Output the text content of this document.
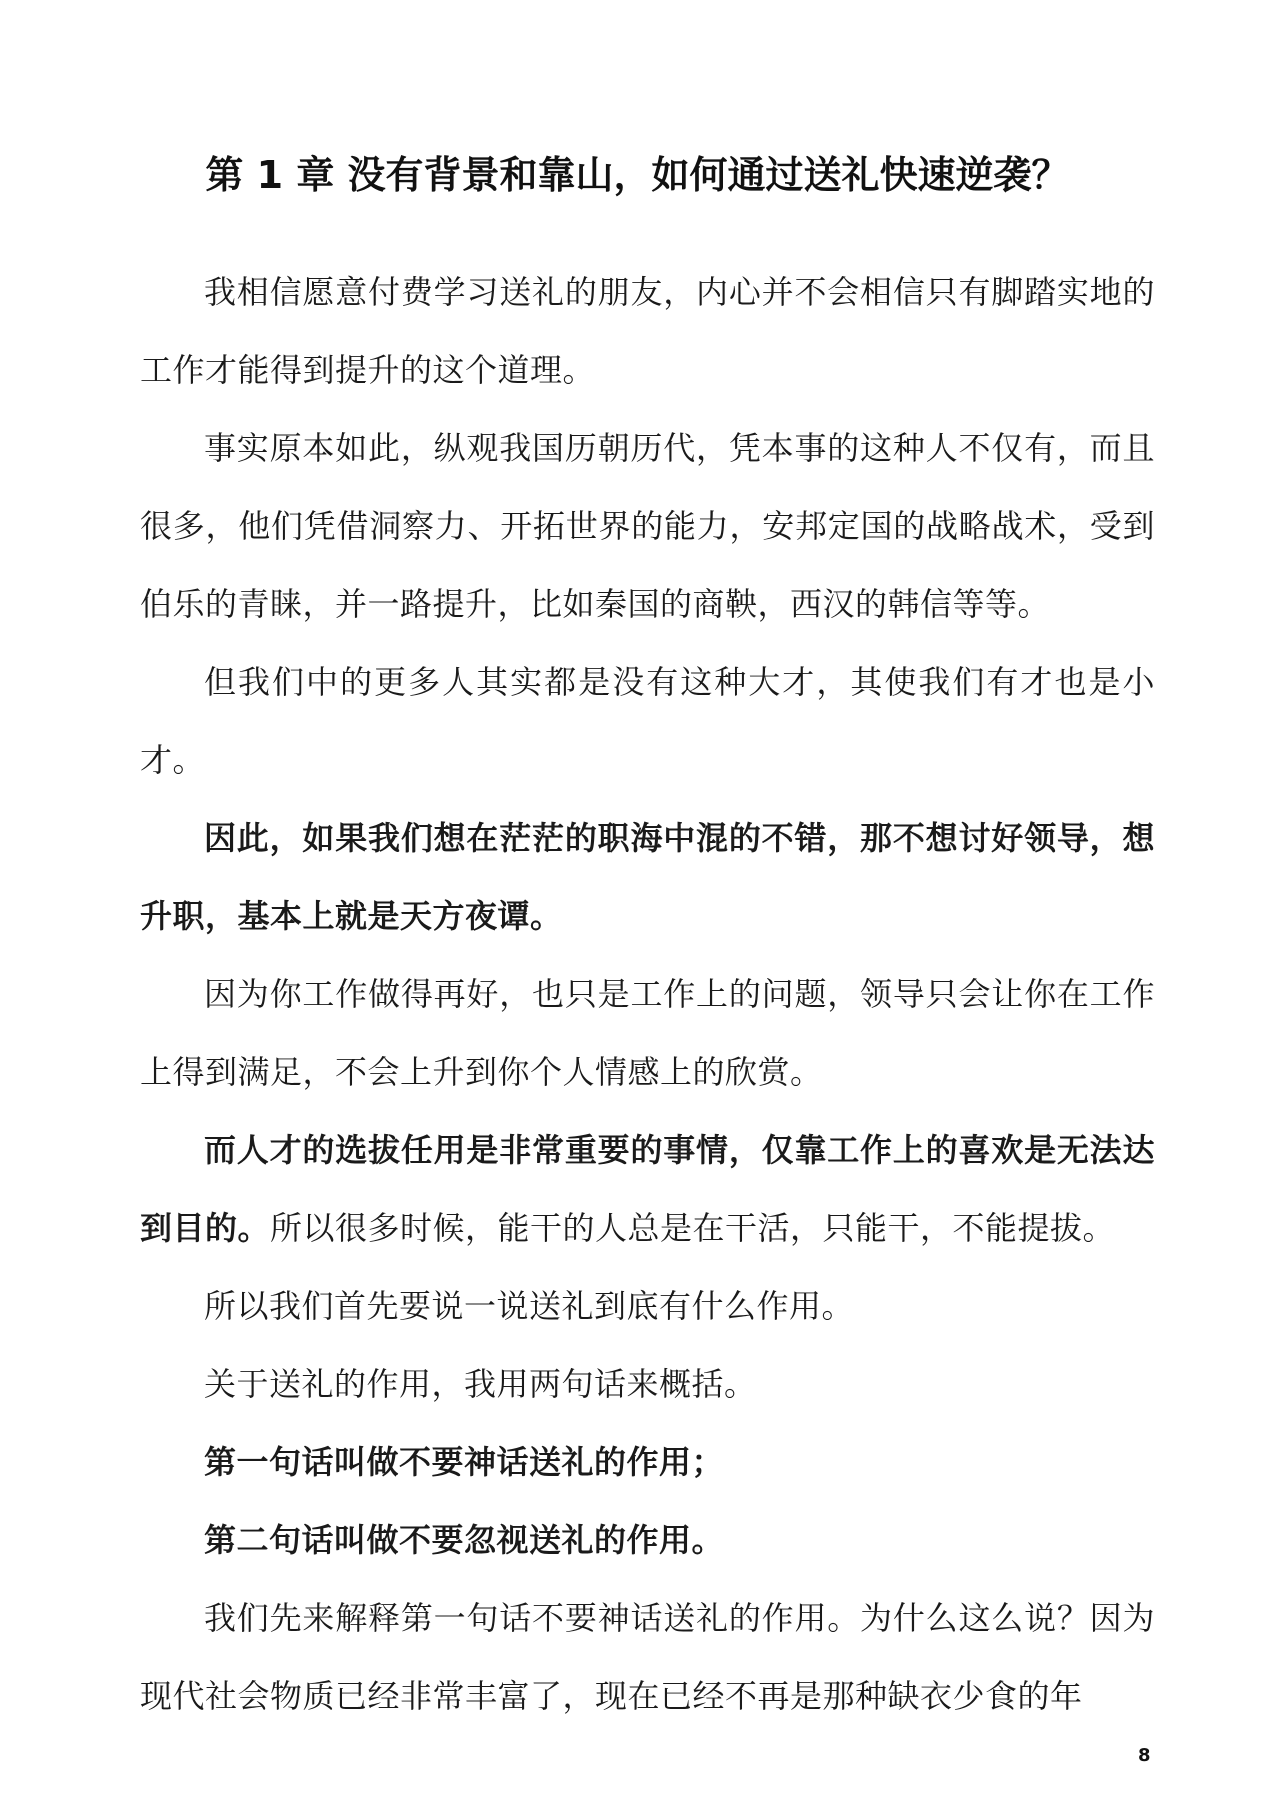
第 1 章 没有背景和靠山，如何通过送礼快速逆袭？

我相信愿意付费学习送礼的朋友，内心并不会相信只有脚踏实地的工作才能得到提升的这个道理。

事实原本如此，纵观我国历朝历代，凭本事的这种人不仅有，而且很多，他们凭借洞察力、开拓世界的能力，安邦定国的战略战术，受到伯乐的青睐，并一路提升，比如秦国的商鞅，西汉的韩信等等。

但我们中的更多人其实都是没有这种大才，其使我们有才也是小才。

因此，如果我们想在茫茫的职海中混的不错，那不想讨好领导，想升职，基本上就是天方夜谭。

因为你工作做得再好，也只是工作上的问题，领导只会让你在工作上得到满足，不会上升到你个人情感上的欣赏。

而人才的选拔任用是非常重要的事情，仅靠工作上的喜欢是无法达到目的。所以很多时候，能干的人总是在干活，只能干，不能提拔。

所以我们首先要说一说送礼到底有什么作用。

关于送礼的作用，我用两句话来概括。

第一句话叫做不要神话送礼的作用；

第二句话叫做不要忽视送礼的作用。

我们先来解释第一句话不要神话送礼的作用。为什么这么说？因为现代社会物质已经非常丰富了，现在已经不再是那种缺衣少食的年

8
